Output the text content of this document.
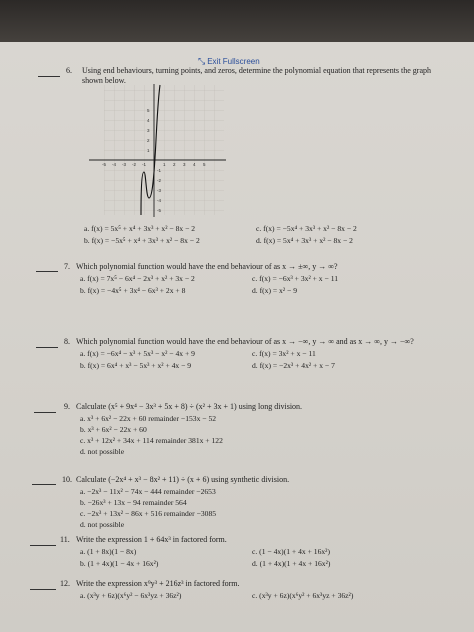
⤡ Exit Fullscreen
6. Using end behaviours, turning points, and zeros, determine the polynomial equation that represents the graph
shown below.
-5 -4 -3 -2 -1	1 2 3 4 5
5
4
3
2
1
-1
-2
-3
-4
-5
a. f(x) = 5x⁵ + x⁴ + 3x³ + x² − 8x − 2
b. f(x) = −5x⁵ + x⁴ + 3x³ + x² − 8x − 2
c. f(x) = −5x⁴ + 3x³ + x² − 8x − 2
d. f(x) = 5x⁴ + 3x³ + x² − 8x − 2
7. Which polynomial function would have the end behaviour of as x → ±∞, y → ∞?
a. f(x) = 7x⁵ − 6x⁴ − 2x³ + x² + 3x − 2
b. f(x) = −4x⁵ + 3x⁴ − 6x³ + 2x + 8
c. f(x) = −6x³ + 3x² + x − 11
d. f(x) = x² − 9
8. Which polynomial function would have the end behaviour of as x → −∞, y → ∞ and as x → ∞, y → −∞?
a. f(x) = −6x⁴ − x³ + 5x³ − x² − 4x + 9
b. f(x) = 6x⁴ + x³ − 5x³ + x² + 4x − 9
c. f(x) = 3x² + x − 11
d. f(x) = −2x³ + 4x² + x − 7
9. Calculate (x⁵ + 9x⁴ − 3x³ + 5x + 8) ÷ (x² + 3x + 1) using long division.
a. x³ + 6x² − 22x + 60 remainder −153x − 52
b. x³ + 6x² − 22x + 60
c. x³ + 12x² + 34x + 114 remainder 381x + 122
d. not possible
10. Calculate (−2x⁴ + x³ − 8x² + 11) ÷ (x + 6) using synthetic division.
a. −2x³ − 11x² − 74x − 444 remainder −2653
b. −26x³ + 13x − 94 remainder 564
c. −2x³ + 13x² − 86x + 516 remainder −3085
d. not possible
11. Write the expression 1 + 64x³ in factored form.
a. (1 + 8x)(1 − 8x)
b. (1 + 4x)(1 − 4x + 16x²)
c. (1 − 4x)(1 + 4x + 16x²)
d. (1 + 4x)(1 + 4x + 16x²)
12. Write the expression x⁹y³ + 216z³ in factored form.
a. (x³y + 6z)(x⁶y² − 6x³yz + 36z²)	c. (x³y + 6z)(x⁶y² + 6x³yz + 36z²)
